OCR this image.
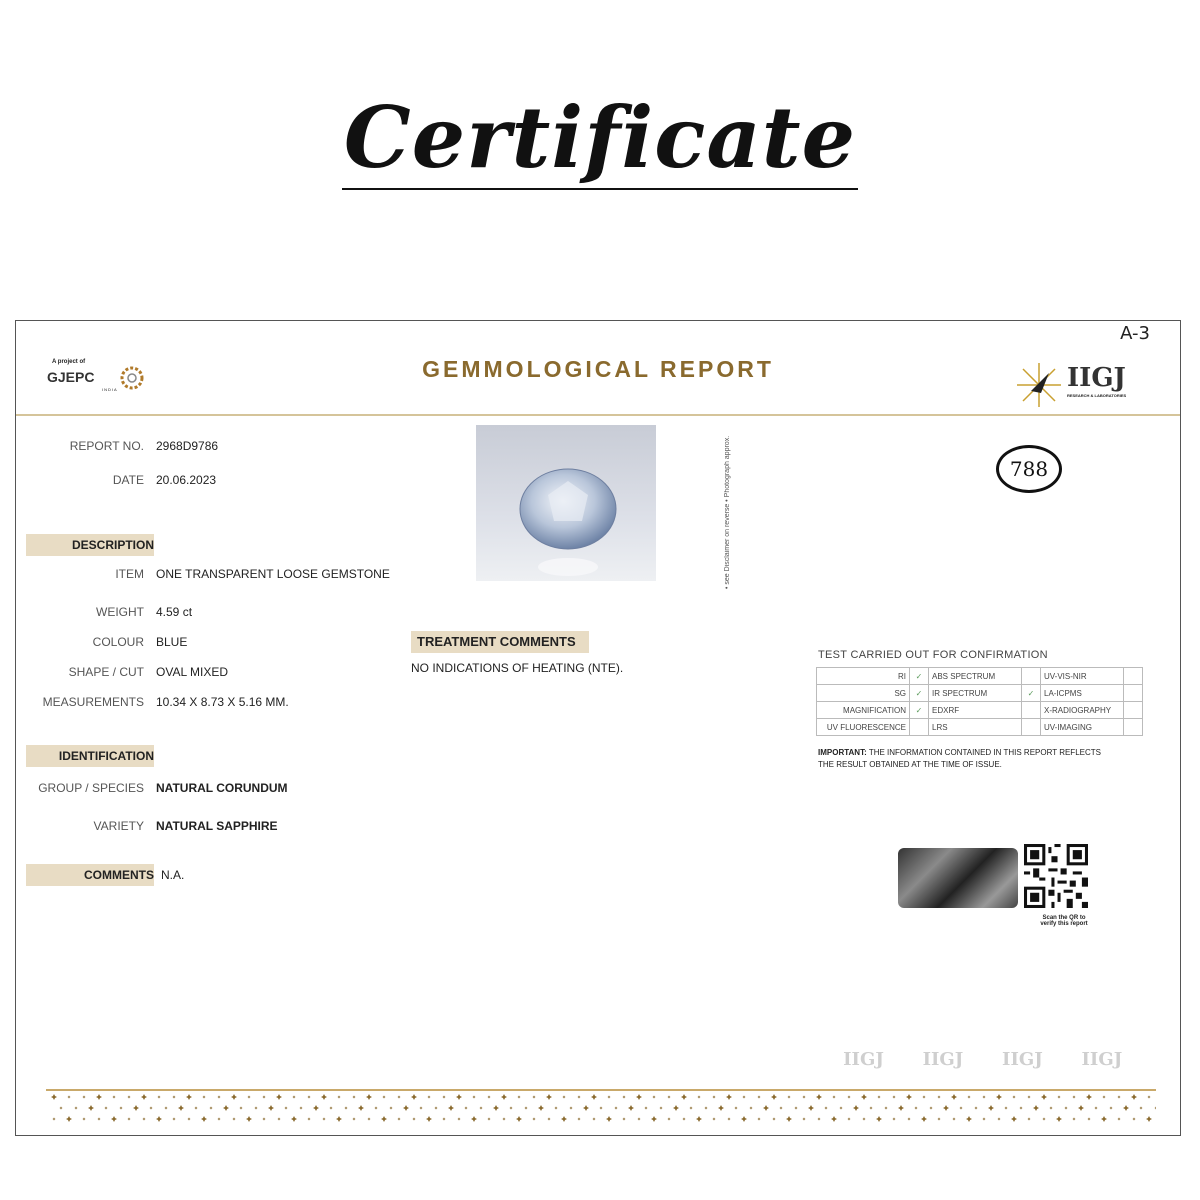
Certificate
A-3
A project of
GJEPC
INDIA
GEMMOLOGICAL REPORT	IIGJ
RESEARCH & LABORATORIES
REPORT NO. 2968D9786
DATE 20.06.2023
DESCRIPTION
ITEM ONE TRANSPARENT LOOSE GEMSTONE
WEIGHT 4.59 ct
COLOUR BLUE
SHAPE / CUT OVAL MIXED
MEASUREMENTS 10.34 X 8.73 X 5.16 MM.
IDENTIFICATION
GROUP / SPECIES NATURAL CORUNDUM
VARIETY NATURAL SAPPHIRE
COMMENTS N.A.
• see Disclaimer on reverse • Photograph approx.	788
TREATMENT COMMENTS
NO INDICATIONS OF HEATING (NTE).
TEST CARRIED OUT FOR CONFIRMATION
RI	✓	ABS SPECTRUM		UV-VIS-NIR	
SG	✓	IR SPECTRUM	✓	LA-ICPMS	
MAGNIFICATION	✓	EDXRF		X-RADIOGRAPHY	
UV FLUORESCENCE		LRS		UV-IMAGING	
IMPORTANT: THE INFORMATION CONTAINED IN THIS REPORT REFLECTS THE RESULT OBTAINED AT THE TIME OF ISSUE.
Scan the QR to verify this report
IIGJ IIGJ IIGJ IIGJ
